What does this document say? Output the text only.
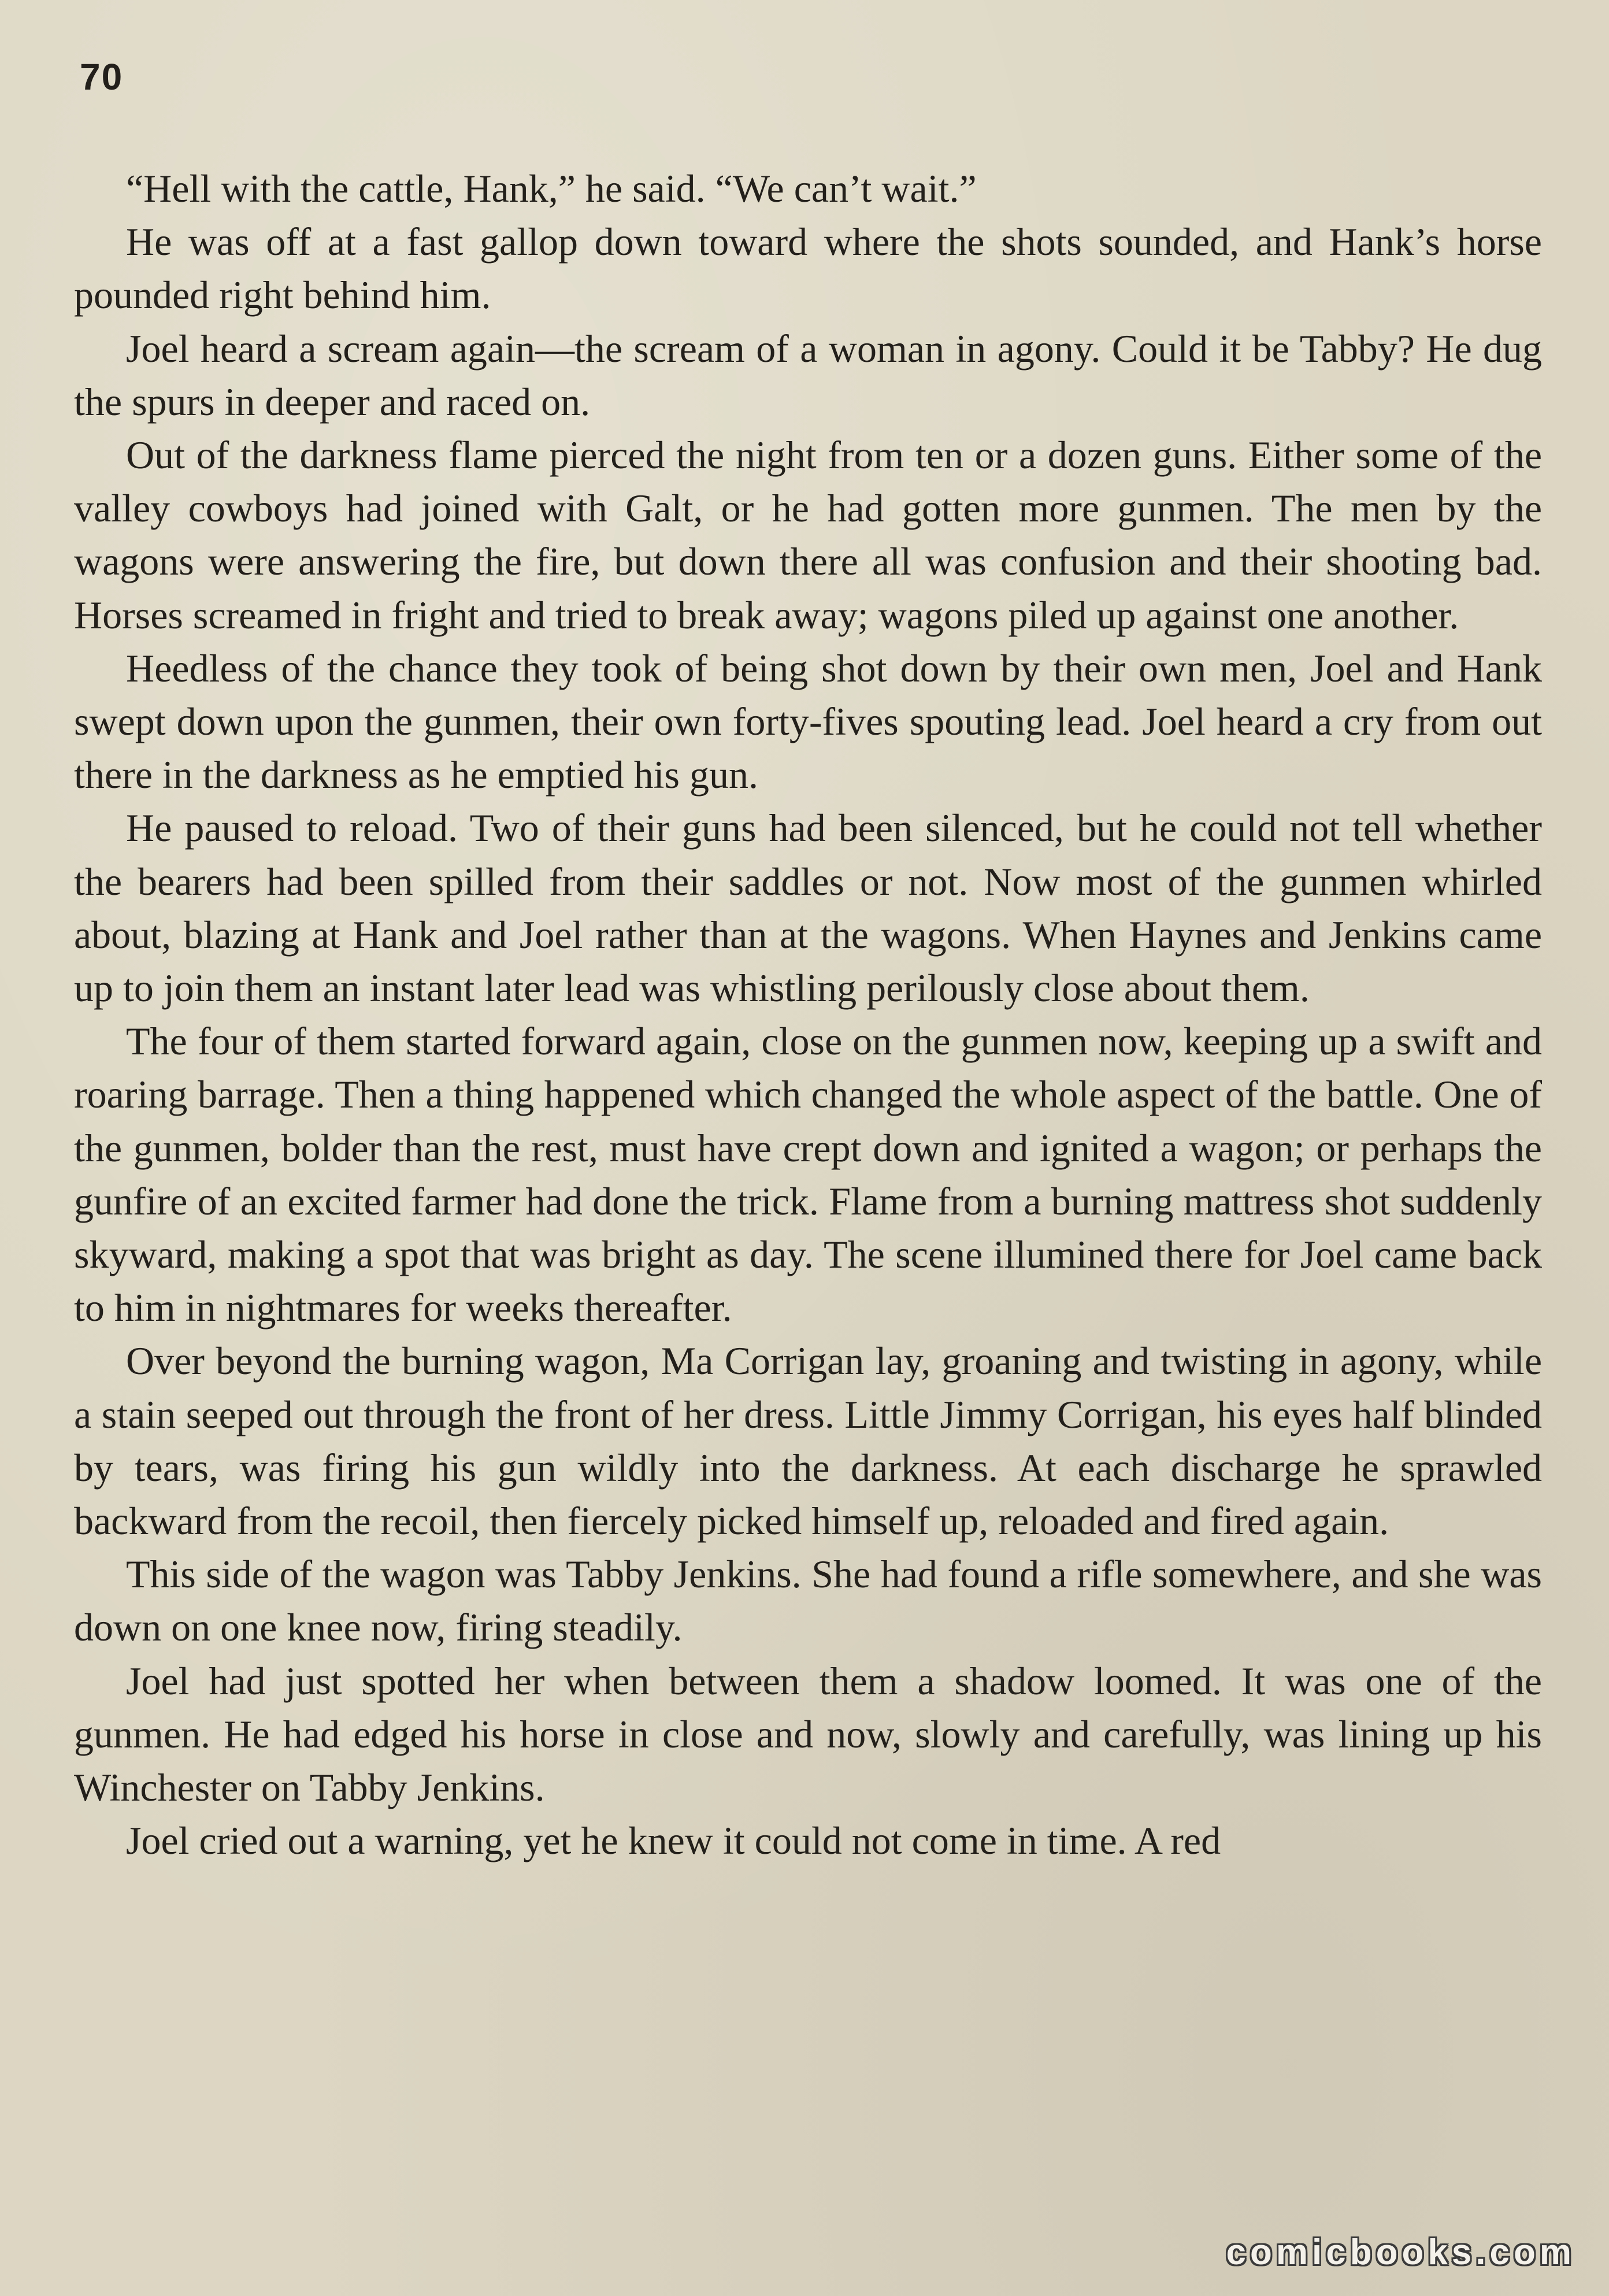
70

“Hell with the cattle, Hank,” he said. “We can’t wait.”

He was off at a fast gallop down toward where the shots sounded, and Hank’s horse pounded right behind him.

Joel heard a scream again—the scream of a woman in agony. Could it be Tabby? He dug the spurs in deeper and raced on.

Out of the darkness flame pierced the night from ten or a dozen guns. Either some of the valley cowboys had joined with Galt, or he had gotten more gunmen. The men by the wagons were answering the fire, but down there all was confusion and their shooting bad. Horses screamed in fright and tried to break away; wagons piled up against one another.

Heedless of the chance they took of being shot down by their own men, Joel and Hank swept down upon the gunmen, their own forty-fives spouting lead. Joel heard a cry from out there in the darkness as he emptied his gun.

He paused to reload. Two of their guns had been silenced, but he could not tell whether the bearers had been spilled from their saddles or not. Now most of the gunmen whirled about, blazing at Hank and Joel rather than at the wagons. When Haynes and Jenkins came up to join them an instant later lead was whistling perilously close about them.

The four of them started forward again, close on the gunmen now, keeping up a swift and roaring barrage. Then a thing happened which changed the whole aspect of the battle. One of the gunmen, bolder than the rest, must have crept down and ignited a wagon; or perhaps the gunfire of an excited farmer had done the trick. Flame from a burning mattress shot suddenly skyward, making a spot that was bright as day. The scene illumined there for Joel came back to him in nightmares for weeks thereafter.

Over beyond the burning wagon, Ma Corrigan lay, groaning and twisting in agony, while a stain seeped out through the front of her dress. Little Jimmy Corrigan, his eyes half blinded by tears, was firing his gun wildly into the darkness. At each discharge he sprawled backward from the recoil, then fiercely picked himself up, reloaded and fired again.

This side of the wagon was Tabby Jenkins. She had found a rifle somewhere, and she was down on one knee now, firing steadily.

Joel had just spotted her when between them a shadow loomed. It was one of the gunmen. He had edged his horse in close and now, slowly and carefully, was lining up his Winchester on Tabby Jenkins.

Joel cried out a warning, yet he knew it could not come in time. A red

comicbooks.com
